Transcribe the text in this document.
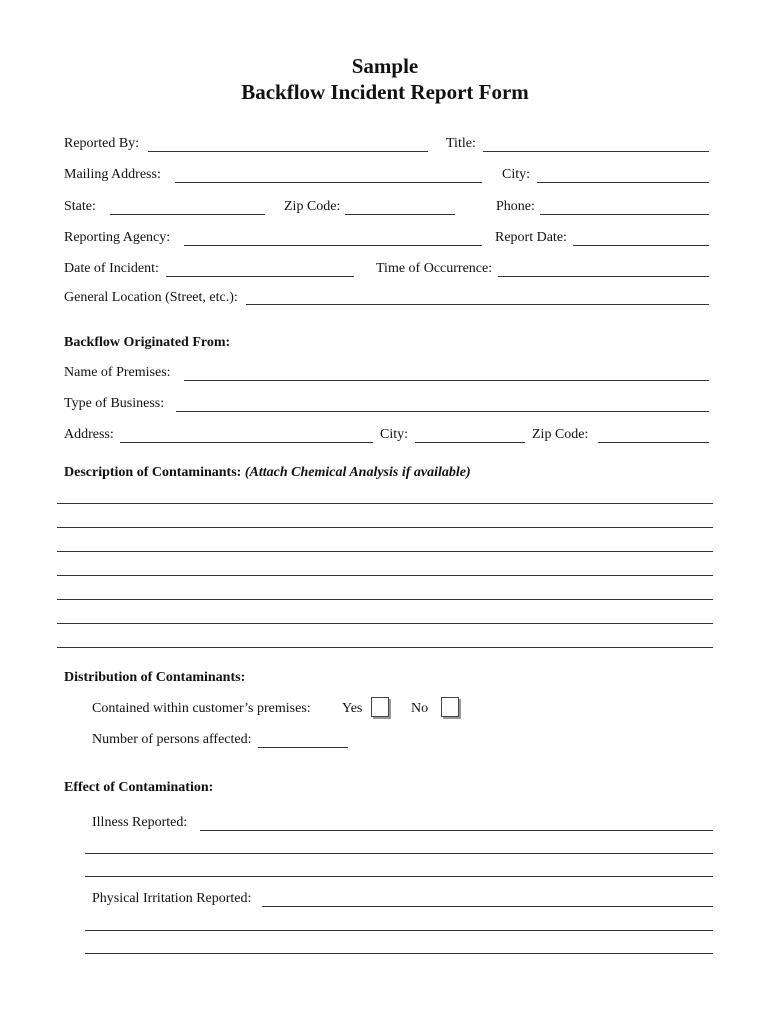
Sample
Backflow Incident Report Form
Reported By:	Title:
Mailing Address:	City:
State:	Zip Code:	Phone:
Reporting Agency:	Report Date:
Date of Incident:	Time of Occurrence:
General Location (Street, etc.):
Backflow Originated From:
Name of Premises:
Type of Business:
Address:	City:	Zip Code:
Description of Contaminants: (Attach Chemical Analysis if available)
Distribution of Contaminants:
Contained within customer’s premises: Yes	No
Number of persons affected:
Effect of Contamination:
Illness Reported:
Physical Irritation Reported:
